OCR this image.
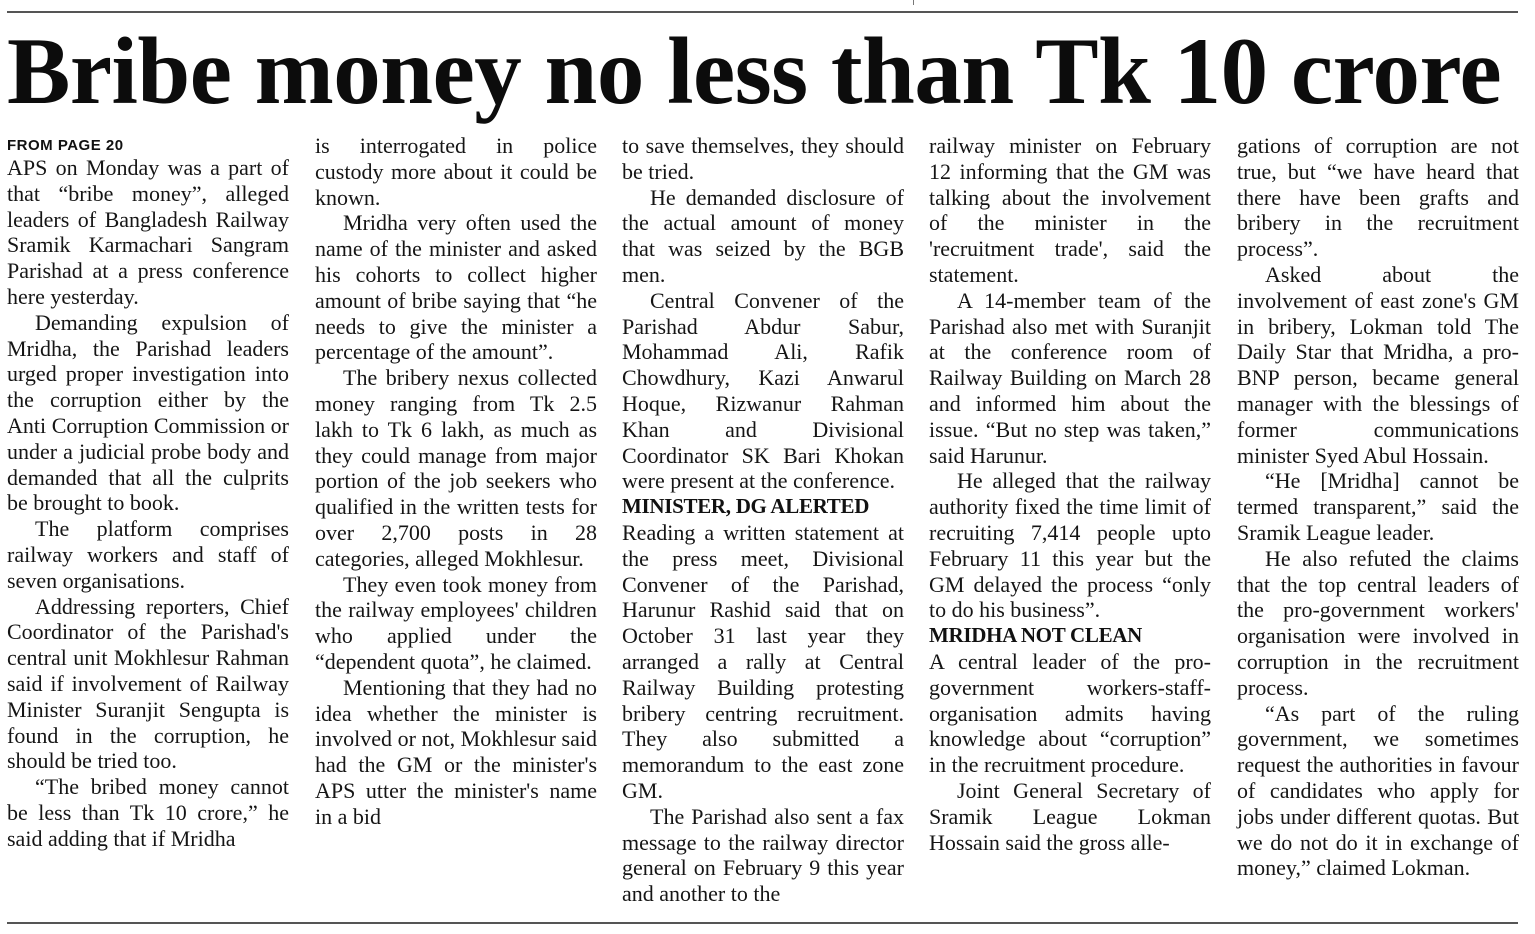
Bribe money no less than Tk 10 crore
FROM PAGE 20

APS on Monday was a part of that “bribe money”, alleged leaders of Bangladesh Railway Sramik Karmachari Sangram Parishad at a press conference here yesterday.

Demanding expulsion of Mridha, the Parishad leaders urged proper investigation into the corruption either by the Anti Corruption Commission or under a judicial probe body and demanded that all the culprits be brought to book.

The platform comprises railway workers and staff of seven organisations.

Addressing reporters, Chief Coordinator of the Parishad's central unit Mokhlesur Rahman said if involvement of Railway Minister Suranjit Sengupta is found in the corruption, he should be tried too.

“The bribed money cannot be less than Tk 10 crore,” he said adding that if Mridha

is interrogated in police custody more about it could be known.

Mridha very often used the name of the minister and asked his cohorts to collect higher amount of bribe saying that “he needs to give the minister a percentage of the amount”.

The bribery nexus collected money ranging from Tk 2.5 lakh to Tk 6 lakh, as much as they could manage from major portion of the job seekers who qualified in the written tests for over 2,700 posts in 28 categories, alleged Mokhlesur.

They even took money from the railway employees' children who applied under the “dependent quota”, he claimed.

Mentioning that they had no idea whether the minister is involved or not, Mokhlesur said had the GM or the minister's APS utter the minister's name in a bid

to save themselves, they should be tried.

He demanded disclosure of the actual amount of money that was seized by the BGB men.

Central Convener of the Parishad Abdur Sabur, Mohammad Ali, Rafik Chowdhury, Kazi Anwarul Hoque, Rizwanur Rahman Khan and Divisional Coordinator SK Bari Khokan were present at the conference.

MINISTER, DG ALERTED

Reading a written statement at the press meet, Divisional Convener of the Parishad, Harunur Rashid said that on October 31 last year they arranged a rally at Central Railway Building protesting bribery centring recruitment. They also submitted a memorandum to the east zone GM.

The Parishad also sent a fax message to the railway director general on February 9 this year and another to the

railway minister on February 12 informing that the GM was talking about the involvement of the minister in the 'recruitment trade', said the statement.

A 14-member team of the Parishad also met with Suranjit at the conference room of Railway Building on March 28 and informed him about the issue. “But no step was taken,” said Harunur.

He alleged that the railway authority fixed the time limit of recruiting 7,414 people upto February 11 this year but the GM delayed the process “only to do his business”.

MRIDHA NOT CLEAN

A central leader of the pro-government workers-staff-organisation admits having knowledge about “corruption” in the recruitment procedure.

Joint General Secretary of Sramik League Lokman Hossain said the gross alle-

gations of corruption are not true, but “we have heard that there have been grafts and bribery in the recruitment process”.

Asked about the involvement of east zone's GM in bribery, Lokman told The Daily Star that Mridha, a pro-BNP person, became general manager with the blessings of former communications minister Syed Abul Hossain.

“He [Mridha] cannot be termed transparent,” said the Sramik League leader.

He also refuted the claims that the top central leaders of the pro-government workers' organisation were involved in corruption in the recruitment process.

“As part of the ruling government, we sometimes request the authorities in favour of candidates who apply for jobs under different quotas. But we do not do it in exchange of money,” claimed Lokman.
